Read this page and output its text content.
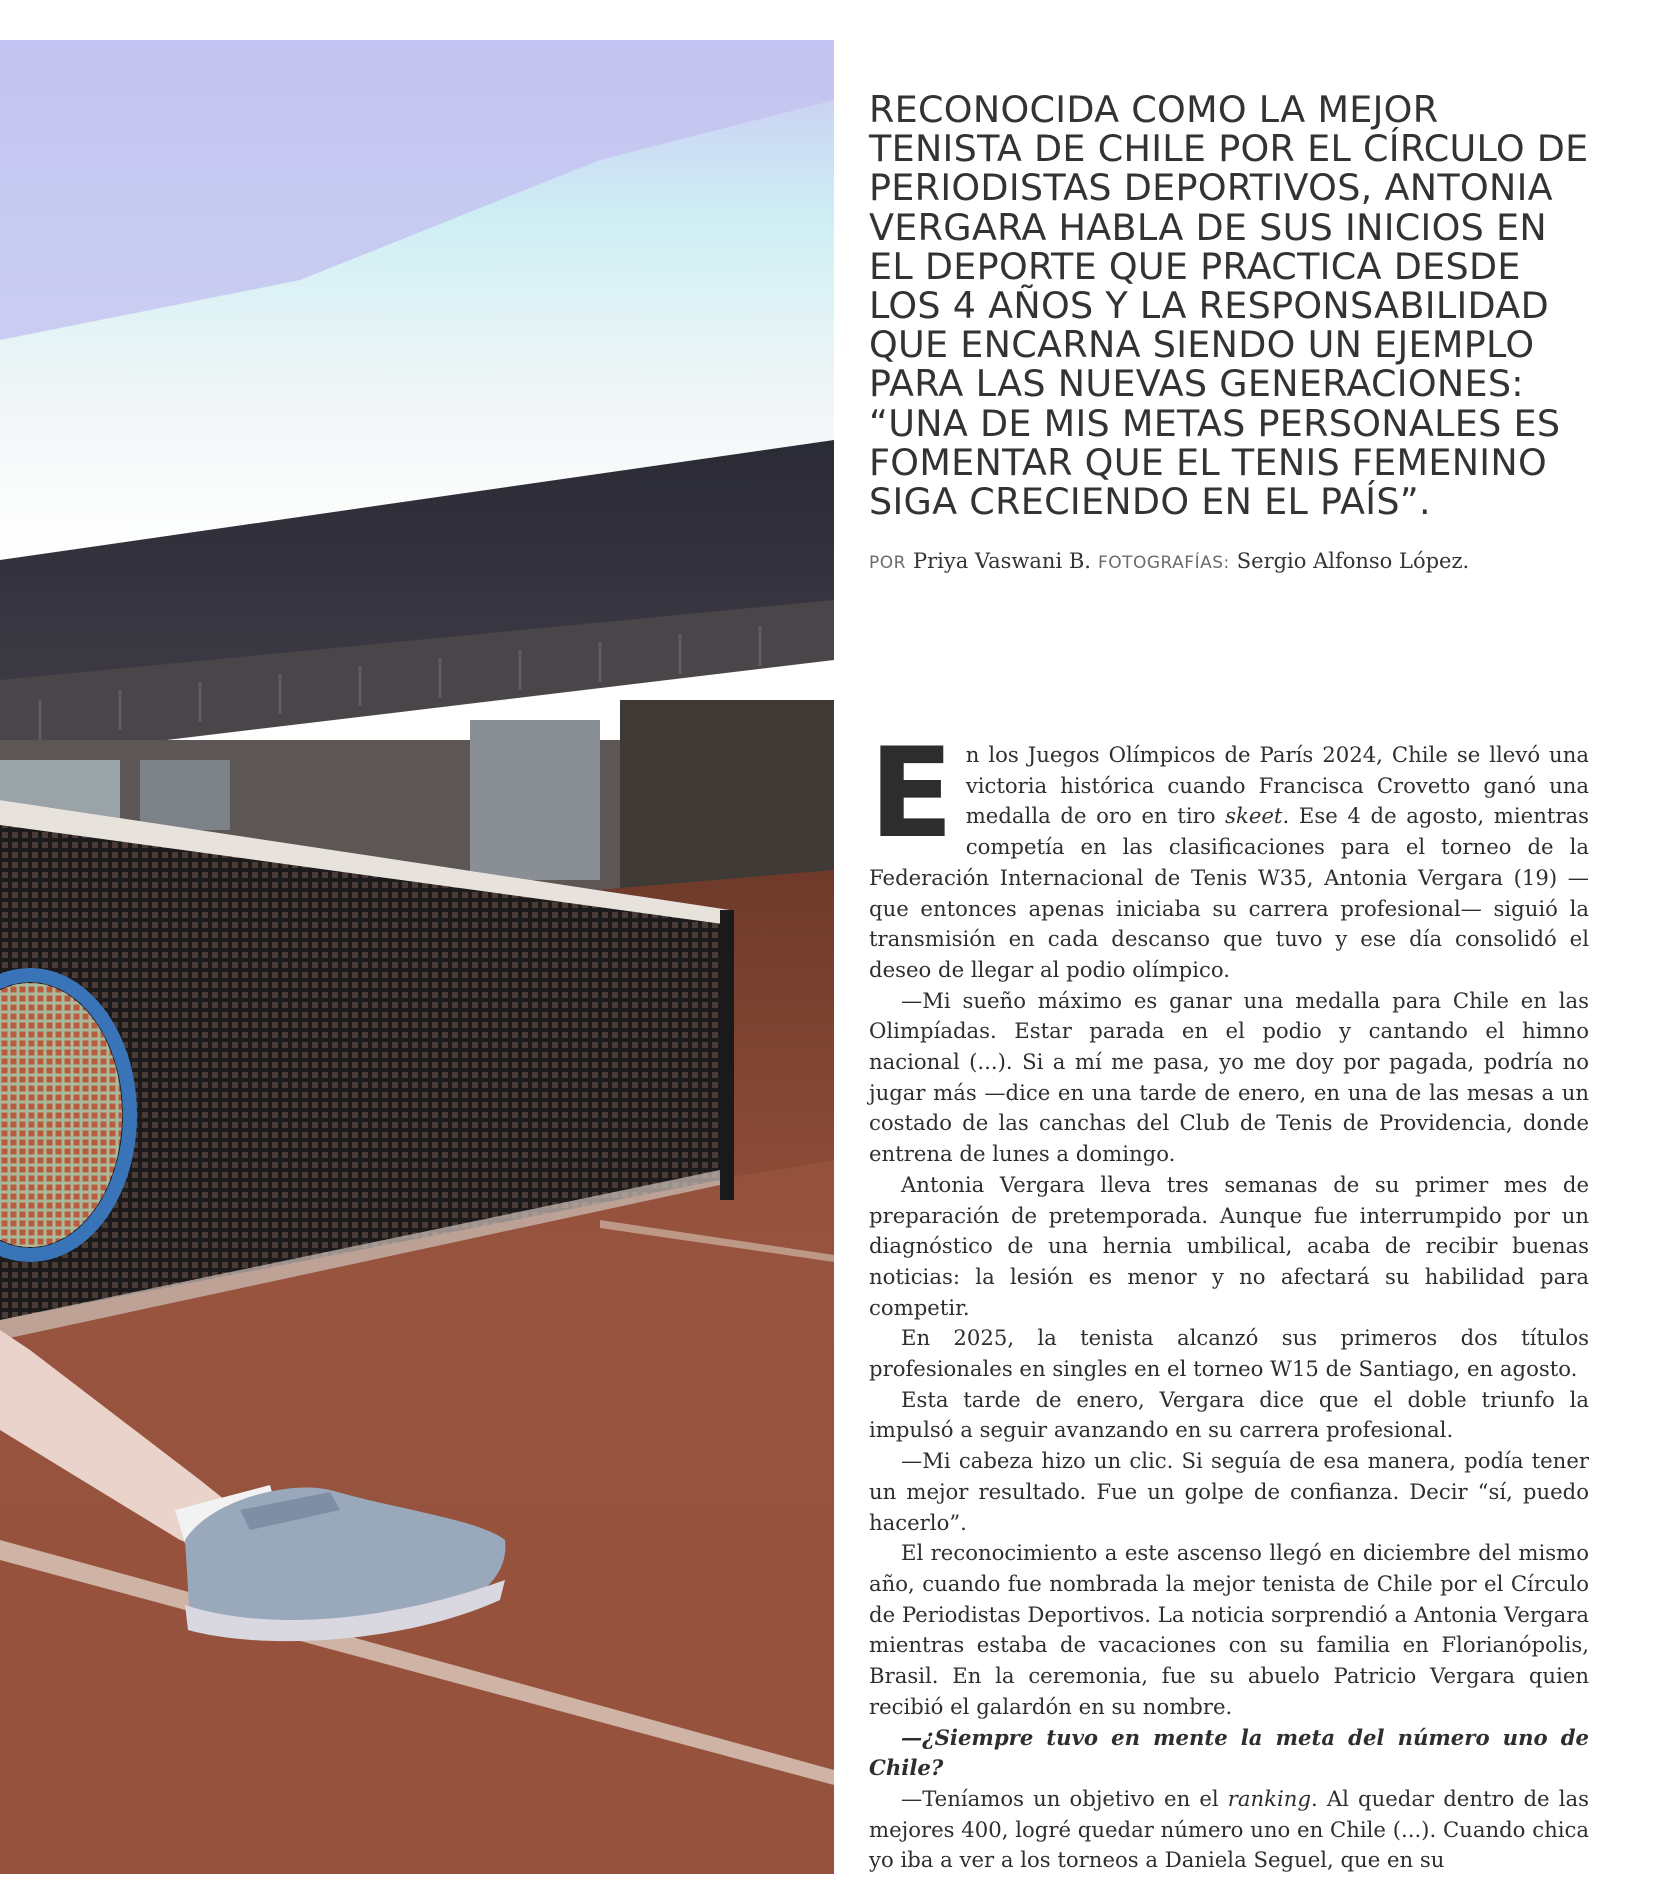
RECONOCIDA COMO LA MEJOR TENISTA DE CHILE POR EL CÍRCULO DE PERIODISTAS DEPORTIVOS, ANTONIA VERGARA HABLA DE SUS INICIOS EN EL DEPORTE QUE PRACTICA DESDE LOS 4 AÑOS Y LA RESPONSABILIDAD QUE ENCARNA SIENDO UN EJEMPLO PARA LAS NUEVAS GENERACIONES: “UNA DE MIS METAS PERSONALES ES FOMENTAR QUE EL TENIS FEMENINO SIGA CRECIENDO EN EL PAÍS”.

POR Priya Vaswani B. FOTOGRAFÍAS: Sergio Alfonso López.

En los Juegos Olímpicos de París 2024, Chile se llevó una victoria histórica cuando Francisca Crovetto ganó una medalla de oro en tiro skeet. Ese 4 de agosto, mientras competía en las clasificaciones para el torneo de la Federación Internacional de Tenis W35, Antonia Vergara (19) —que entonces apenas iniciaba su carrera profesional— siguió la transmisión en cada descanso que tuvo y ese día consolidó el deseo de llegar al podio olímpico.

—Mi sueño máximo es ganar una medalla para Chile en las Olimpíadas. Estar parada en el podio y cantando el himno nacional (...). Si a mí me pasa, yo me doy por pagada, podría no jugar más —dice en una tarde de enero, en una de las mesas a un costado de las canchas del Club de Tenis de Providencia, donde entrena de lunes a domingo.

Antonia Vergara lleva tres semanas de su primer mes de preparación de pretemporada. Aunque fue interrumpido por un diagnóstico de una hernia umbilical, acaba de recibir buenas noticias: la lesión es menor y no afectará su habilidad para competir.

En 2025, la tenista alcanzó sus primeros dos títulos profesionales en singles en el torneo W15 de Santiago, en agosto.

Esta tarde de enero, Vergara dice que el doble triunfo la impulsó a seguir avanzando en su carrera profesional.

—Mi cabeza hizo un clic. Si seguía de esa manera, podía tener un mejor resultado. Fue un golpe de confianza. Decir “sí, puedo hacerlo”.

El reconocimiento a este ascenso llegó en diciembre del mismo año, cuando fue nombrada la mejor tenista de Chile por el Círculo de Periodistas Deportivos. La noticia sorprendió a Antonia Vergara mientras estaba de vacaciones con su familia en Florianópolis, Brasil. En la ceremonia, fue su abuelo Patricio Vergara quien recibió el galardón en su nombre.

—¿Siempre tuvo en mente la meta del número uno de Chile?

—Teníamos un objetivo en el ranking. Al quedar dentro de las mejores 400, logré quedar número uno en Chile (...). Cuando chica yo iba a ver a los torneos a Daniela Seguel, que en su
